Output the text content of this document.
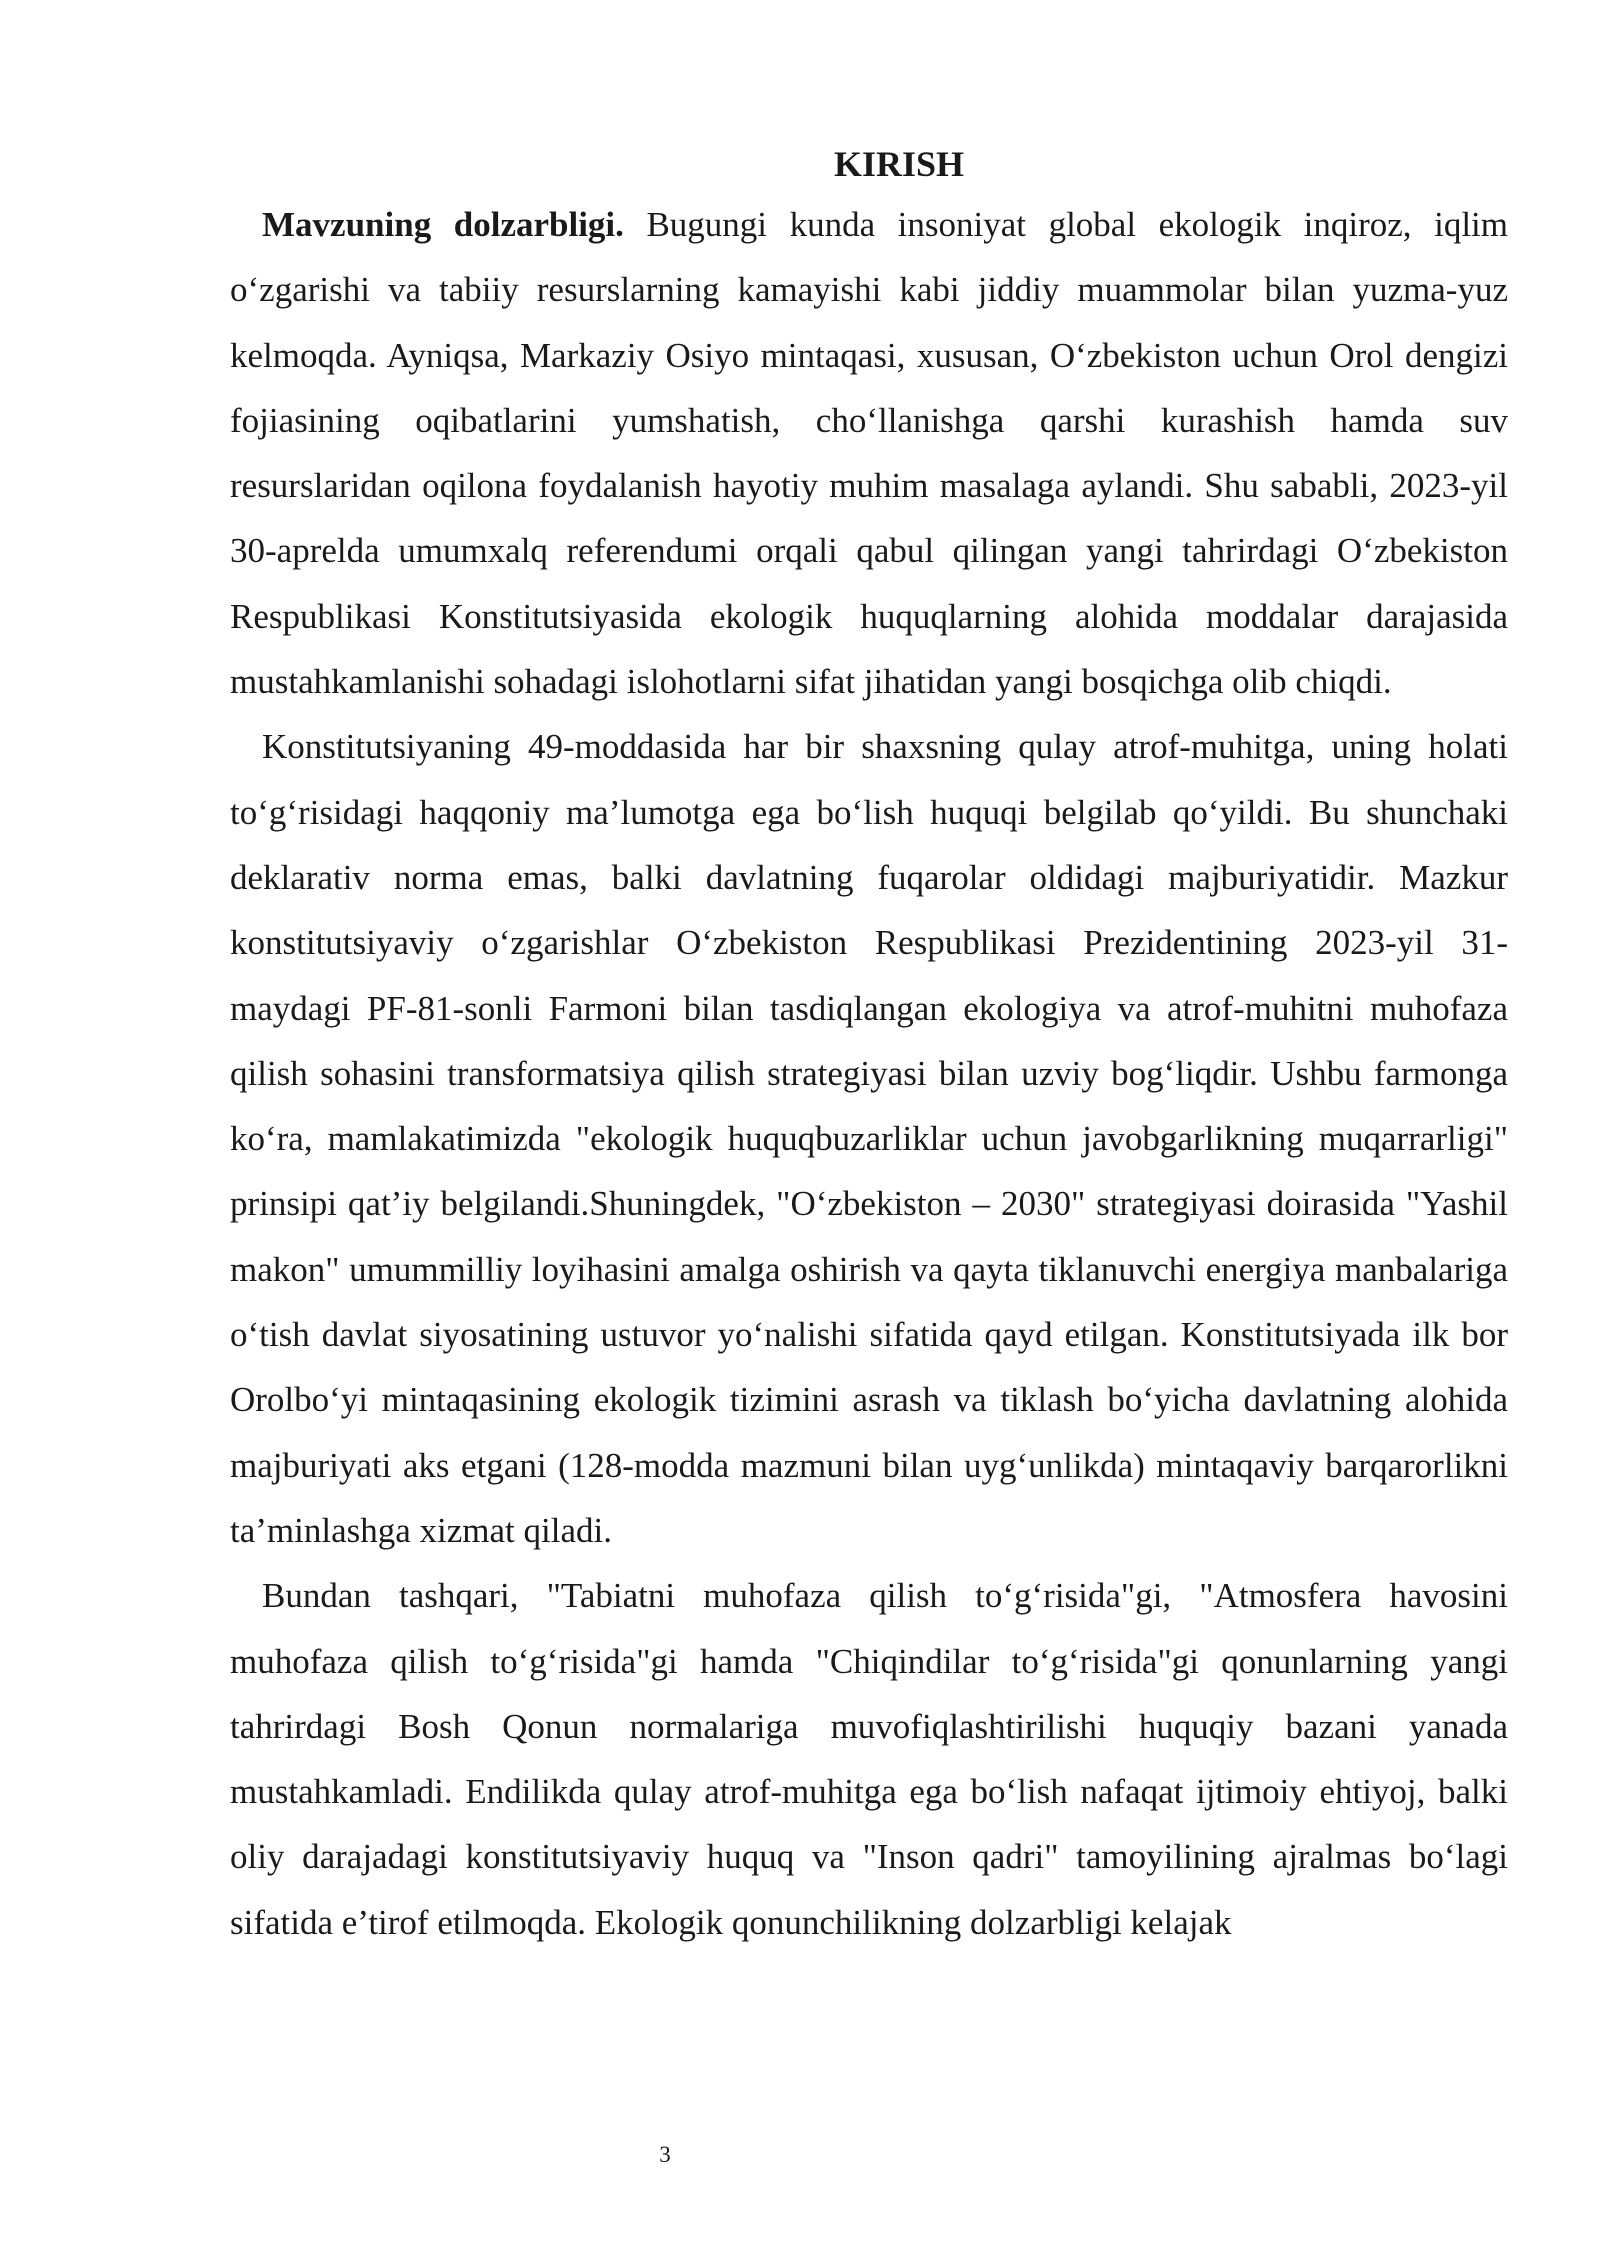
KIRISH

Mavzuning dolzarbligi. Bugungi kunda insoniyat global ekologik inqiroz, iqlim o‘zgarishi va tabiiy resurslarning kamayishi kabi jiddiy muammolar bilan yuzma-yuz kelmoqda. Ayniqsa, Markaziy Osiyo mintaqasi, xususan, O‘zbekiston uchun Orol dengizi fojiasining oqibatlarini yumshatish, cho‘llanishga qarshi kurashish hamda suv resurslaridan oqilona foydalanish hayotiy muhim masalaga aylandi. Shu sababli, 2023-yil 30-aprelda umumxalq referendumi orqali qabul qilingan yangi tahrirdagi O‘zbekiston Respublikasi Konstitutsiyasida ekologik huquqlarning alohida moddalar darajasida mustahkamlanishi sohadagi islohotlarni sifat jihatidan yangi bosqichga olib chiqdi.

Konstitutsiyaning 49-moddasida har bir shaxsning qulay atrof-muhitga, uning holati to‘g‘risidagi haqqoniy ma’lumotga ega bo‘lish huquqi belgilab qo‘yildi. Bu shunchaki deklarativ norma emas, balki davlatning fuqarolar oldidagi majburiyatidir. Mazkur konstitutsiyaviy o‘zgarishlar O‘zbekiston Respublikasi Prezidentining 2023-yil 31-maydagi PF-81-sonli Farmoni bilan tasdiqlangan ekologiya va atrof-muhitni muhofaza qilish sohasini transformatsiya qilish strategiyasi bilan uzviy bog‘liqdir. Ushbu farmonga ko‘ra, mamlakatimizda "ekologik huquqbuzarliklar uchun javobgarlikning muqarrarligi" prinsipi qat’iy belgilandi.Shuningdek, "O‘zbekiston – 2030" strategiyasi doirasida "Yashil makon" umummilliy loyihasini amalga oshirish va qayta tiklanuvchi energiya manbalariga o‘tish davlat siyosatining ustuvor yo‘nalishi sifatida qayd etilgan. Konstitutsiyada ilk bor Orolbo‘yi mintaqasining ekologik tizimini asrash va tiklash bo‘yicha davlatning alohida majburiyati aks etgani (128-modda mazmuni bilan uyg‘unlikda) mintaqaviy barqarorlikni ta’minlashga xizmat qiladi.

Bundan tashqari, "Tabiatni muhofaza qilish to‘g‘risida"gi, "Atmosfera havosini muhofaza qilish to‘g‘risida"gi hamda "Chiqindilar to‘g‘risida"gi qonunlarning yangi tahrirdagi Bosh Qonun normalariga muvofiqlashtirilishi huquqiy bazani yanada mustahkamladi. Endilikda qulay atrof-muhitga ega bo‘lish nafaqat ijtimoiy ehtiyoj, balki oliy darajadagi konstitutsiyaviy huquq va "Inson qadri" tamoyilining ajralmas bo‘lagi sifatida e’tirof etilmoqda. Ekologik qonunchilikning dolzarbligi kelajak

3
